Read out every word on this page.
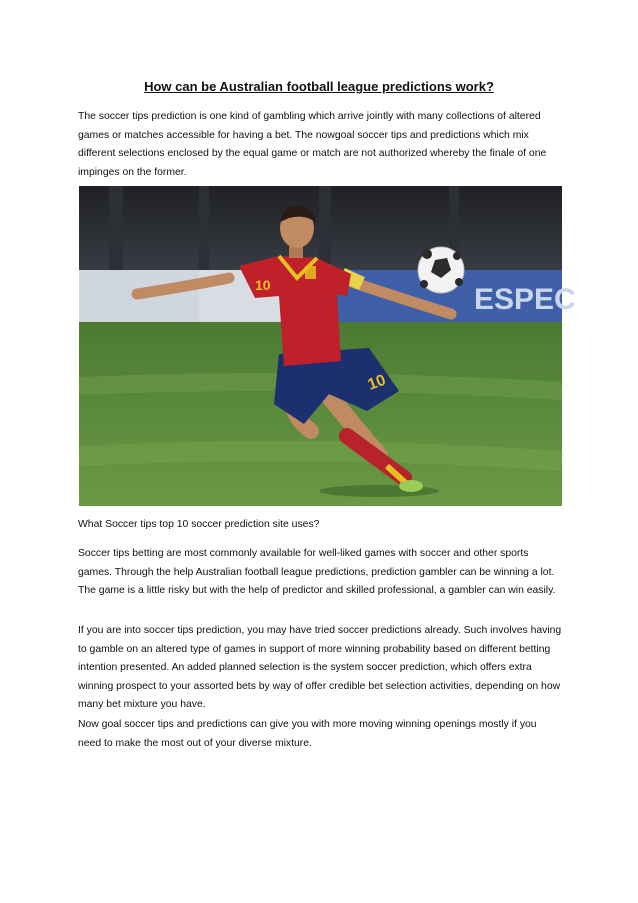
How can be Australian football league predictions work?

The soccer tips prediction is one kind of gambling which arrive jointly with many collections of altered games or matches accessible for having a bet. The nowgoal soccer tips and predictions which mix different selections enclosed by the equal game or match are not authorized whereby the finale of one impinges on the former.

ESPEC
10
10

What Soccer tips top 10 soccer prediction site uses?

Soccer tips betting are most commonly available for well-liked games with soccer and other sports games. Through the help Australian football league predictions, prediction gambler can be winning a lot. The game is a little risky but with the help of predictor and skilled professional, a gambler can win easily.

If you are into soccer tips prediction, you may have tried soccer predictions already. Such involves having to gamble on an altered type of games in support of more winning probability based on different betting intention presented. An added planned selection is the system soccer prediction, which offers extra winning prospect to your assorted bets by way of offer credible bet selection activities, depending on how many bet mixture you have.

Now goal soccer tips and predictions can give you with more moving winning openings mostly if you need to make the most out of your diverse mixture.
